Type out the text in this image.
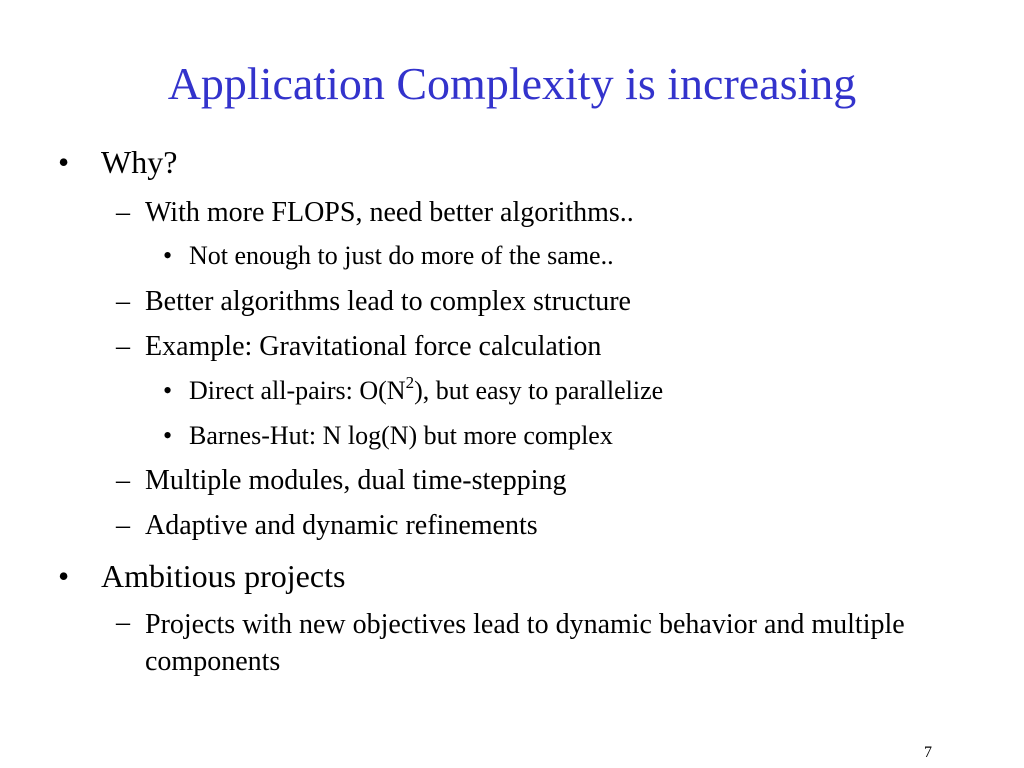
Application Complexity is increasing
• Why?
– With more FLOPS, need better algorithms..
• Not enough to just do more of the same..
– Better algorithms lead to complex structure
– Example: Gravitational force calculation
• Direct all-pairs: $O(N^2)$, but easy to parallelize
• Barnes-Hut: N log(N) but more complex
– Multiple modules, dual time-stepping
– Adaptive and dynamic refinements
• Ambitious projects
– Projects with new objectives lead to dynamic behavior and multiple components
7
